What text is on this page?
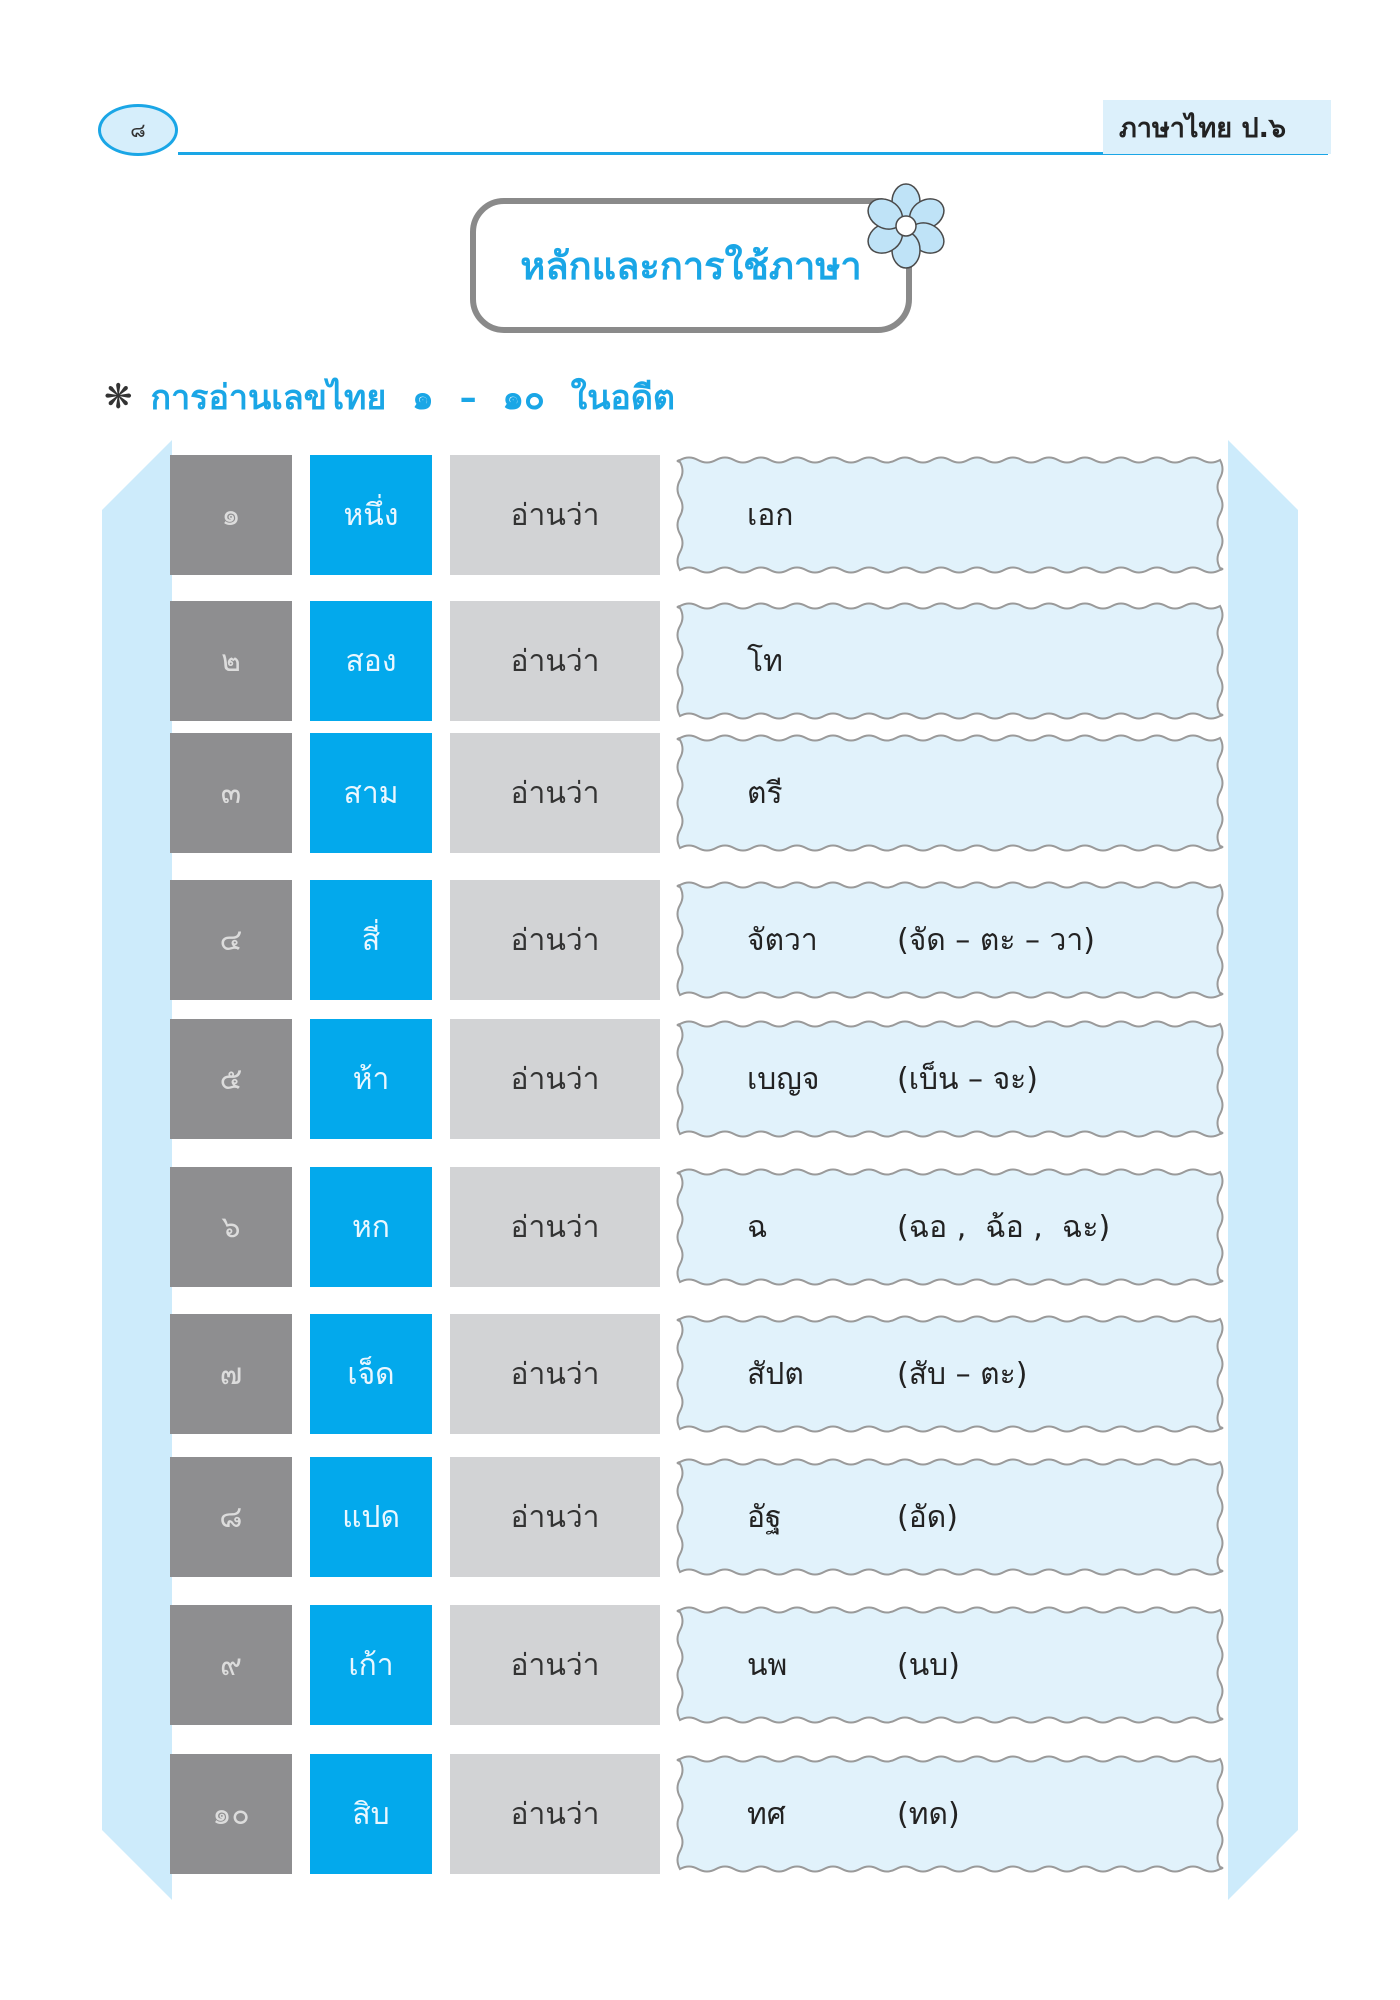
๘	ภาษาไทย ป.๖
หลักและการใช้ภาษา
❋ การอ่านเลขไทย ๑ – ๑๐ ในอดีต
๑	หนึ่ง	อ่านว่า	เอก
๒	สอง	อ่านว่า	โท
๓	สาม	อ่านว่า	ตรี
๔	สี่	อ่านว่า	จัตวา	(จัด – ตะ – วา)
๕	ห้า	อ่านว่า	เบญจ	(เบ็น – จะ)
๖	หก	อ่านว่า	ฉ	(ฉอ ,  ฉ้อ ,  ฉะ)
๗	เจ็ด	อ่านว่า	สัปต	(สับ – ตะ)
๘	แปด	อ่านว่า	อัฐ	(อัด)
๙	เก้า	อ่านว่า	นพ	(นบ)
๑๐	สิบ	อ่านว่า	ทศ	(ทด)
